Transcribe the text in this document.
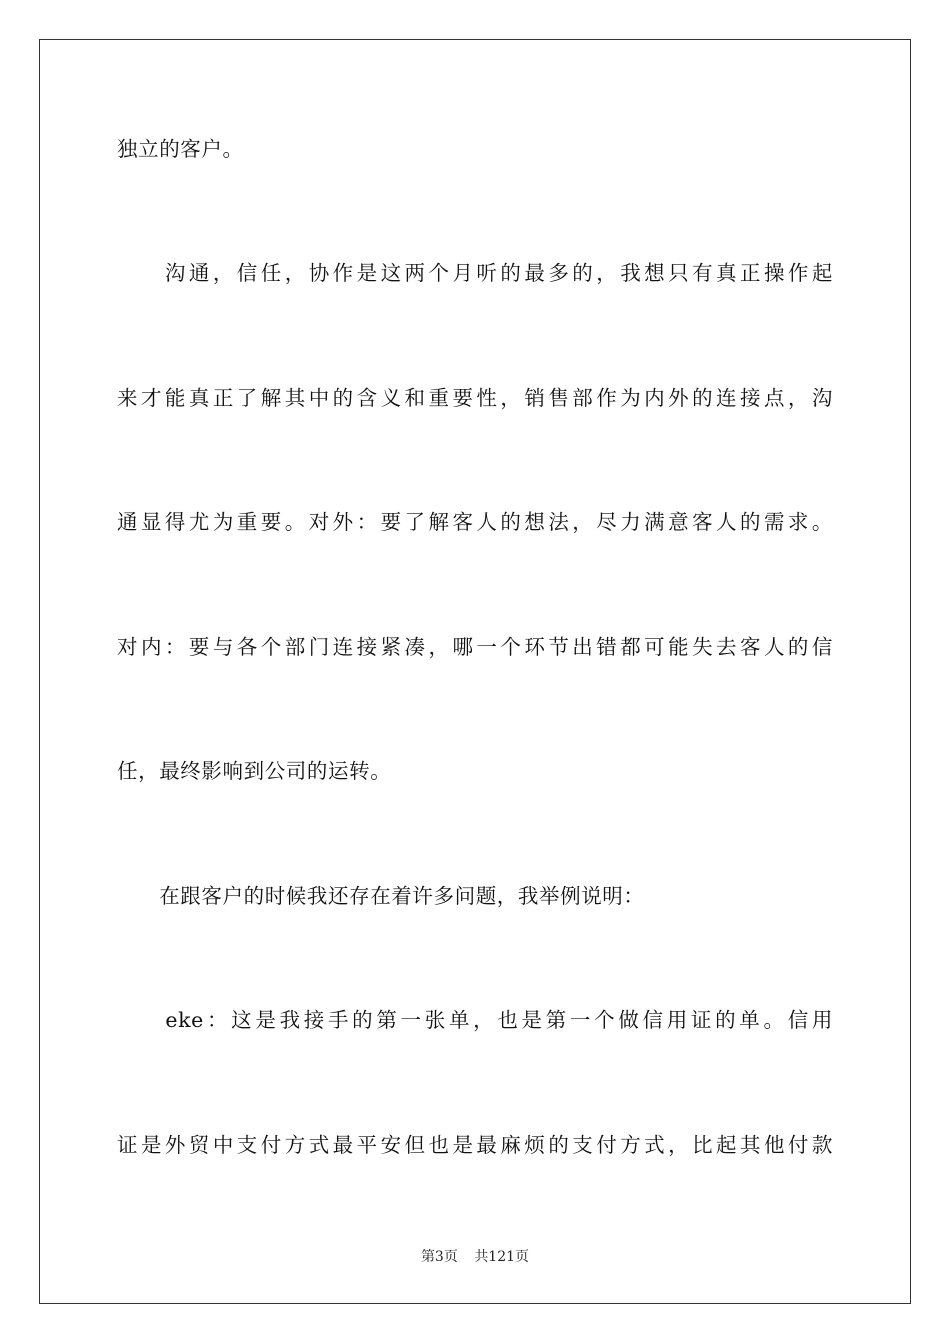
独立的客户。
　　沟通，信任，协作是这两个月听的最多的，我想只有真正操作起
来才能真正了解其中的含义和重要性，销售部作为内外的连接点，沟
通显得尤为重要。对外：要了解客人的想法，尽力满意客人的需求。
对内：要与各个部门连接紧凑，哪一个环节出错都可能失去客人的信
任，最终影响到公司的运转。
　　在跟客户的时候我还存在着许多问题，我举例说明：
　　eke：这是我接手的第一张单，也是第一个做信用证的单。信用
证是外贸中支付方式最平安但也是最麻烦的支付方式，比起其他付款
第3页 共121页
